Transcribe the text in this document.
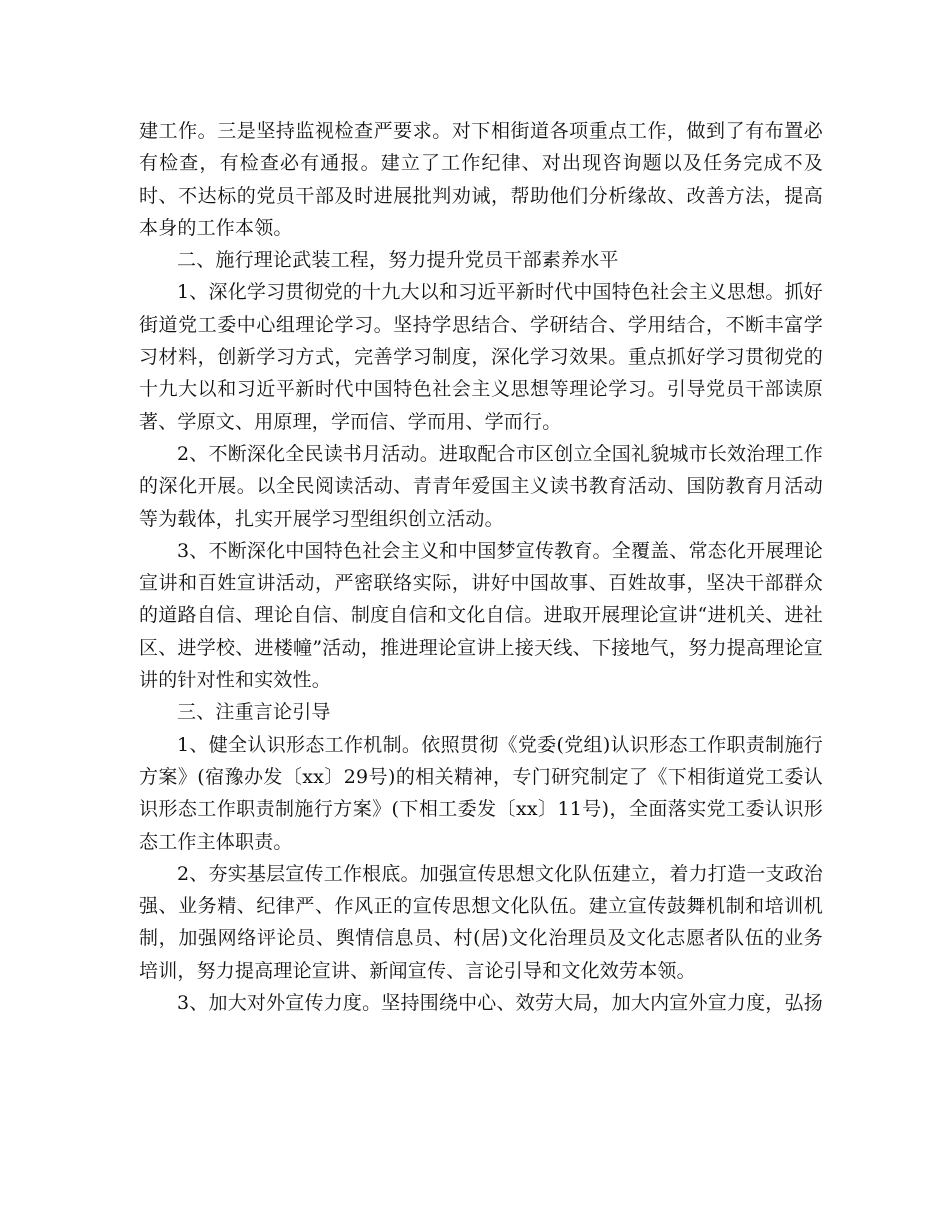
建工作。三是坚持监视检查严要求。对下相街道各项重点工作，做到了有布置必有检查，有检查必有通报。建立了工作纪律、对出现咨询题以及任务完成不及时、不达标的党员干部及时进展批判劝诫，帮助他们分析缘故、改善方法，提高本身的工作本领。

二、施行理论武装工程，努力提升党员干部素养水平

1、深化学习贯彻党的十九大以和习近平新时代中国特色社会主义思想。抓好街道党工委中心组理论学习。坚持学思结合、学研结合、学用结合，不断丰富学习材料，创新学习方式，完善学习制度，深化学习效果。重点抓好学习贯彻党的十九大以和习近平新时代中国特色社会主义思想等理论学习。引导党员干部读原著、学原文、用原理，学而信、学而用、学而行。

2、不断深化全民读书月活动。进取配合市区创立全国礼貌城市长效治理工作的深化开展。以全民阅读活动、青青年爱国主义读书教育活动、国防教育月活动等为载体，扎实开展学习型组织创立活动。

3、不断深化中国特色社会主义和中国梦宣传教育。全覆盖、常态化开展理论宣讲和百姓宣讲活动，严密联络实际，讲好中国故事、百姓故事，坚决干部群众的道路自信、理论自信、制度自信和文化自信。进取开展理论宣讲“进机关、进社区、进学校、进楼幢”活动，推进理论宣讲上接天线、下接地气，努力提高理论宣讲的针对性和实效性。

三、注重言论引导

1、健全认识形态工作机制。依照贯彻《党委(党组)认识形态工作职责制施行方案》(宿豫办发〔xx〕29号)的相关精神，专门研究制定了《下相街道党工委认识形态工作职责制施行方案》(下相工委发〔xx〕11号)，全面落实党工委认识形态工作主体职责。

2、夯实基层宣传工作根底。加强宣传思想文化队伍建立，着力打造一支政治强、业务精、纪律严、作风正的宣传思想文化队伍。建立宣传鼓舞机制和培训机制，加强网络评论员、舆情信息员、村(居)文化治理员及文化志愿者队伍的业务培训，努力提高理论宣讲、新闻宣传、言论引导和文化效劳本领。

3、加大对外宣传力度。坚持围绕中心、效劳大局，加大内宣外宣力度，弘扬
